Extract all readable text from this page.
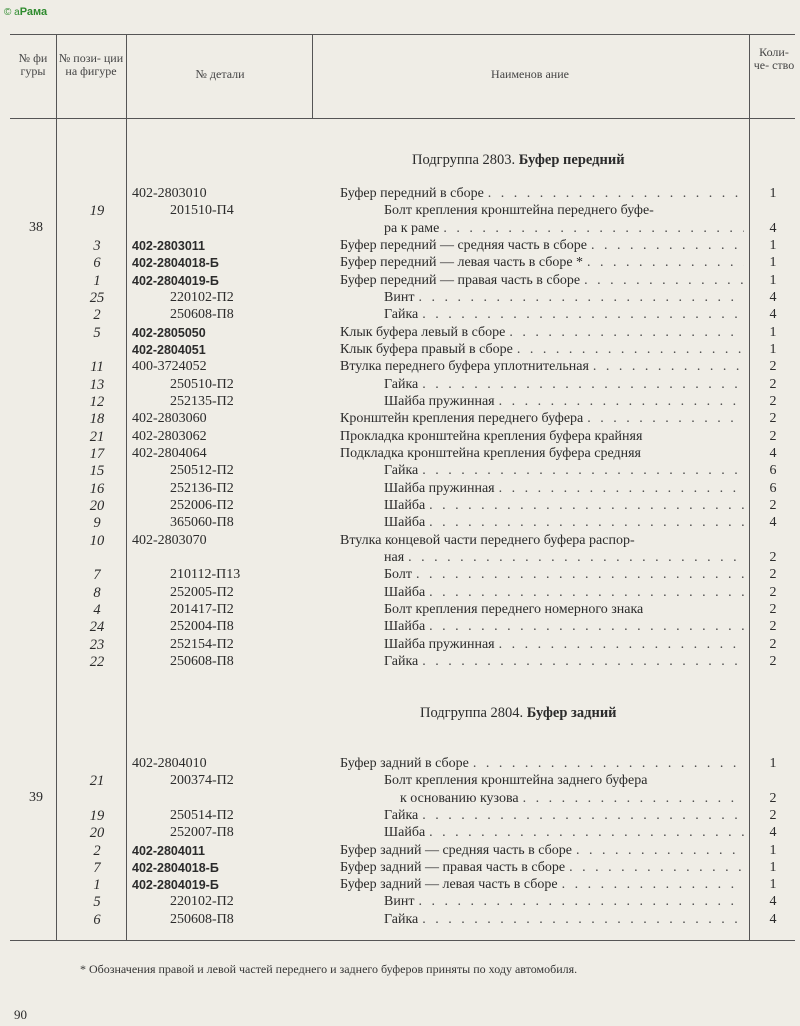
© aРама
№ фи гуры
№ пози- ции на фигуре	№ детали	Наименов ание
Коли- че- ство
Подгруппа 2803. Буфер передний
Подгруппа 2804. Буфер задний
402-2803010	Буфер передний в сборе . . .	1
38
19	201510-П4	Болт крепления кронштейна переднего буфе-
ра к раме . . .	4
3	402-2803011	Буфер передний — средняя часть в сборе . . .	1
6	402-2804018-Б	Буфер передний — левая часть в сборе * . . .	1
1	402-2804019-Б	Буфер передний — правая часть в сборе . . .	1
25	220102-П2	Винт . . .	4
2	250608-П8	Гайка . . .	4
5	402-2805050	Клык буфера левый в сборе . . .	1
402-2804051	Клык буфера правый в сборе . . .	1
11	400-3724052	Втулка переднего буфера уплотнительная . . .	2
13	250510-П2	Гайка . . .	2
12	252135-П2	Шайба пружинная . . .	2
18	402-2803060	Кронштейн крепления переднего буфера . . .	2
21	402-2803062	Прокладка кронштейна крепления буфера крайняя	2
17	402-2804064	Подкладка кронштейна крепления буфера средняя	4
15	250512-П2	Гайка . . .	6
16	252136-П2	Шайба пружинная . . .	6
20	252006-П2	Шайба . . .	2
9	365060-П8	Шайба . . .	4
10	402-2803070	Втулка концевой части переднего буфера распор-
ная . . .	2
7	210112-П13	Болт . . .	2
8	252005-П2	Шайба . . .	2
4	201417-П2	Болт крепления переднего номерного знака	2
24	252004-П8	Шайба . . .	2
23	252154-П2	Шайба пружинная . . .	2
22	250608-П8	Гайка . . .	2
402-2804010	Буфер задний в сборе . . .	1
39
21	200374-П2	Болт крепления кронштейна заднего буфера
к основанию кузова . . .	2
19	250514-П2	Гайка . . .	2
20	252007-П8	Шайба . . .	4
2	402-2804011	Буфер задний — средняя часть в сборе . . .	1
7	402-2804018-Б	Буфер задний — правая часть в сборе . . .	1
1	402-2804019-Б	Буфер задний — левая часть в сборе . . .	1
5	220102-П2	Винт . . .	4
6	250608-П8	Гайка . . .	4
* Обозначения правой и левой частей переднего и заднего буферов приняты по ходу автомобиля.
90
